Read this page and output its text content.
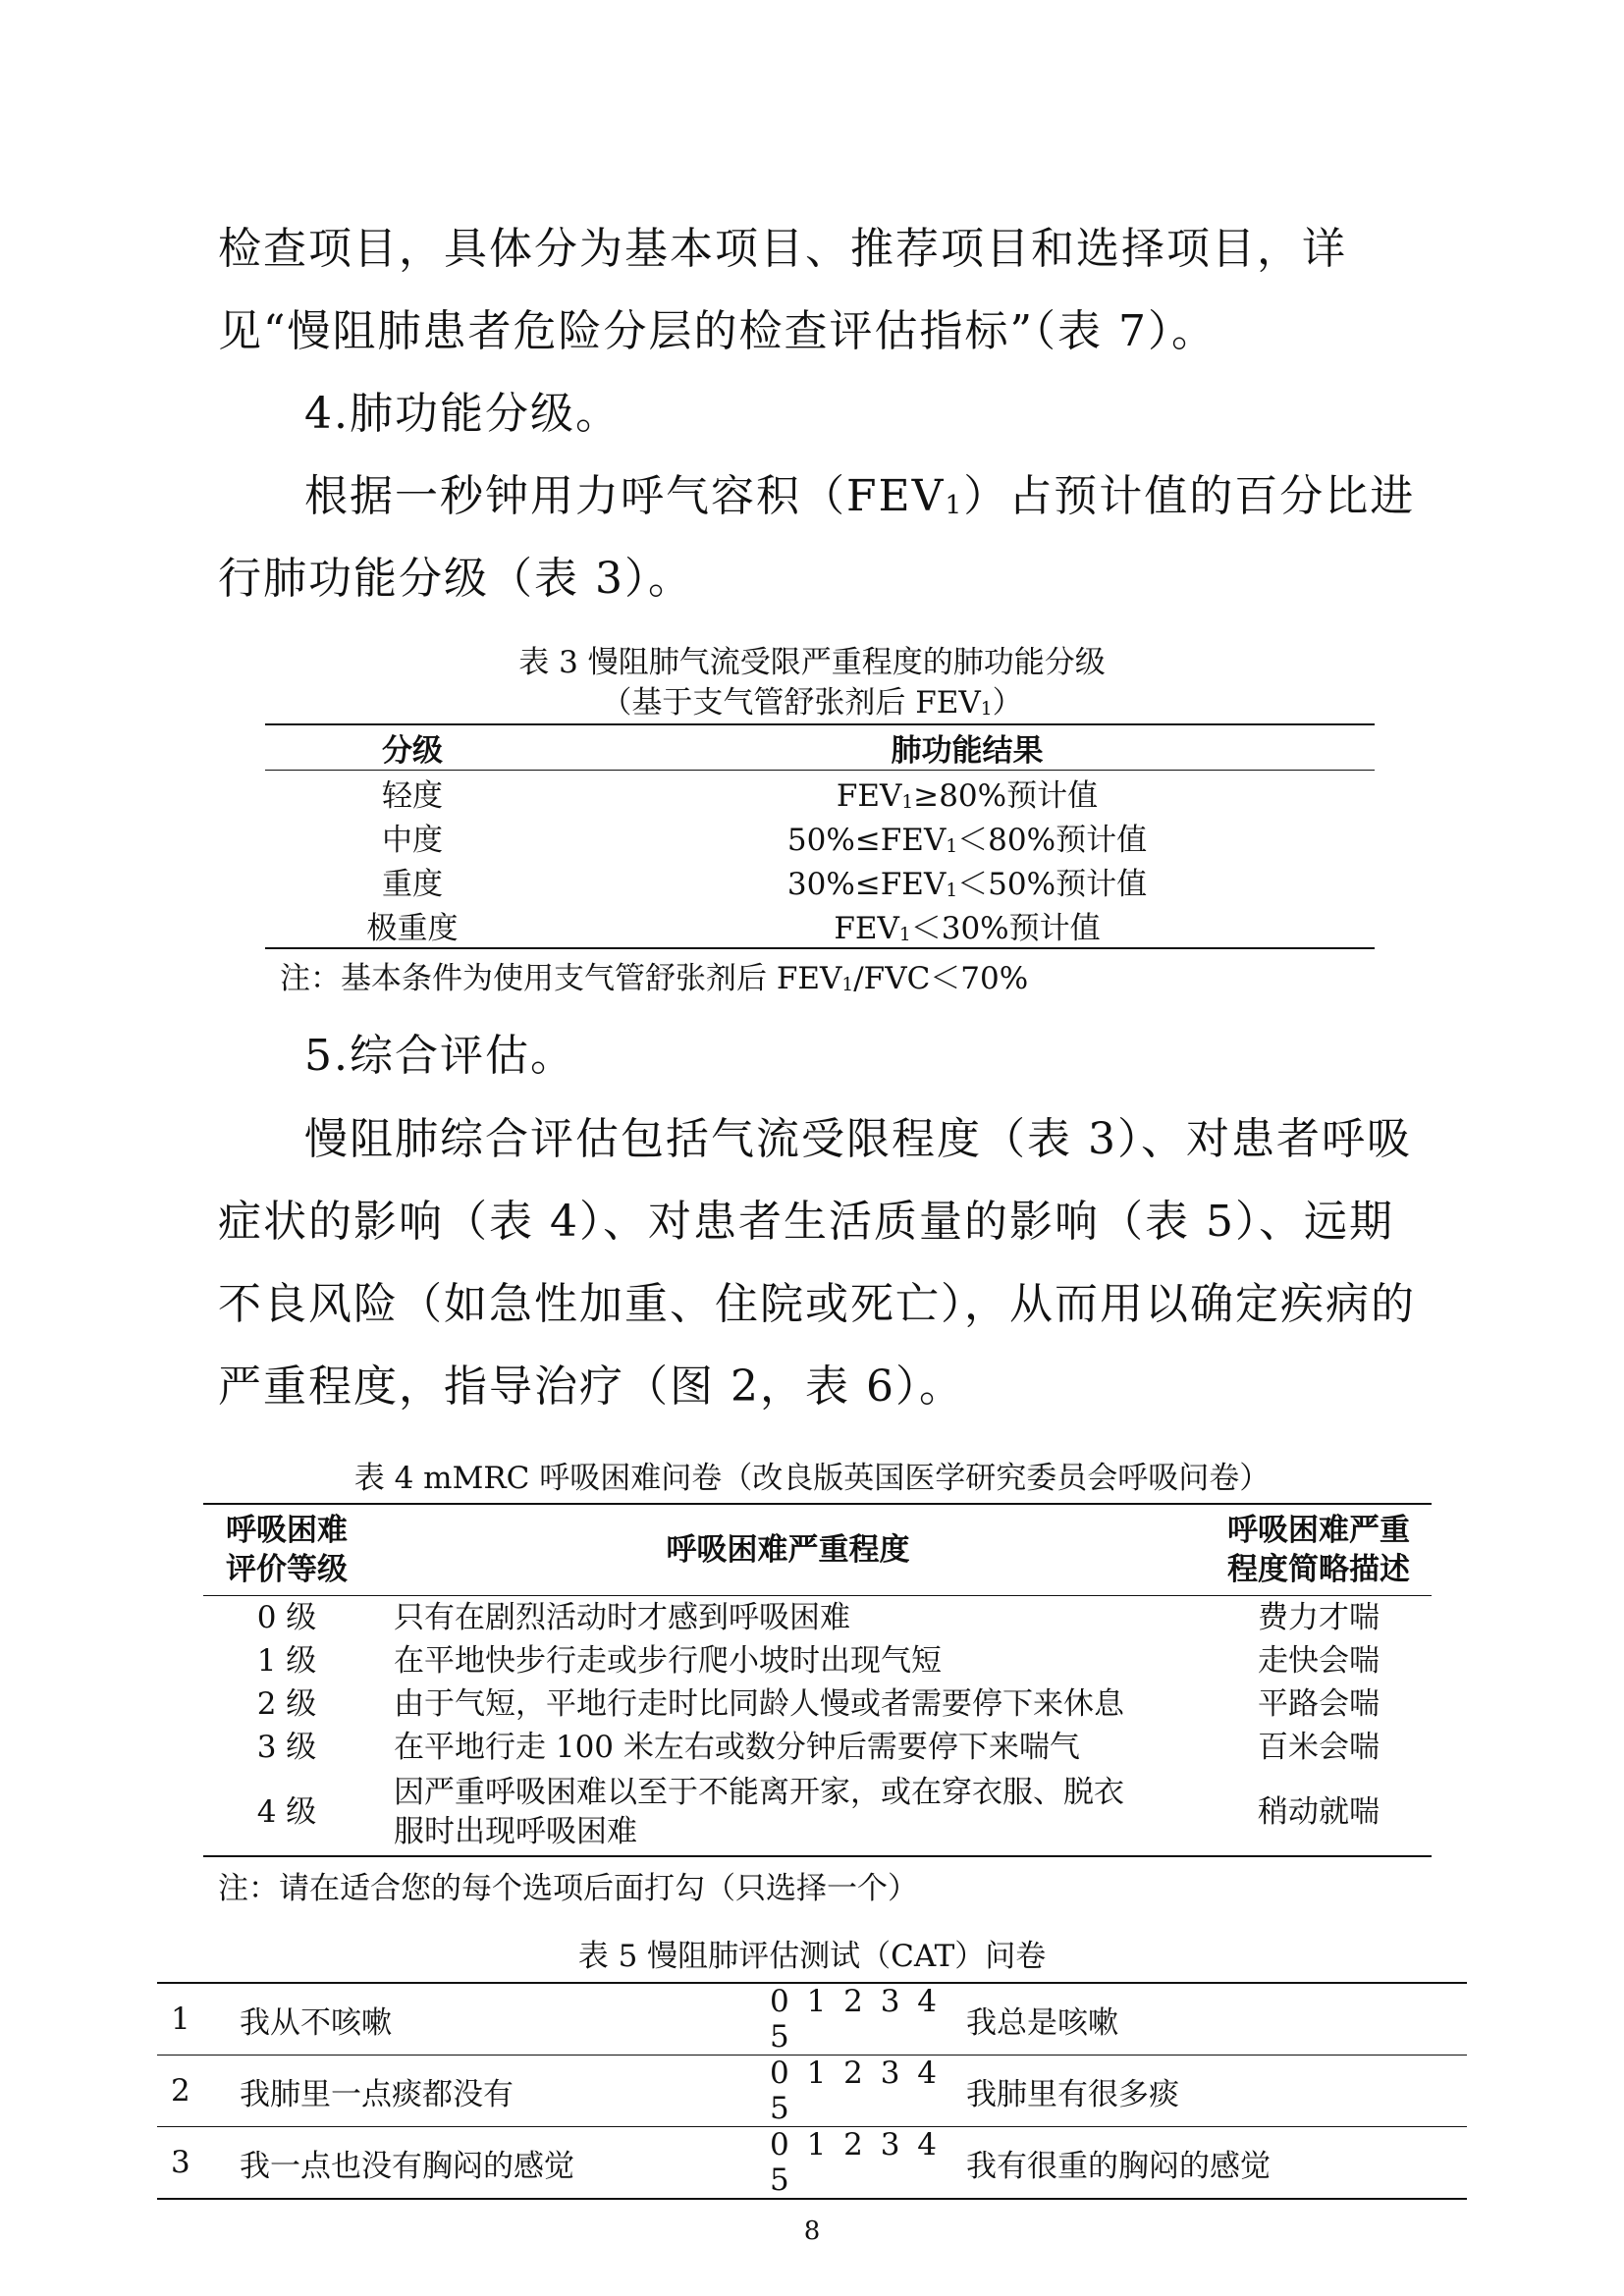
检查项目，具体分为基本项目、推荐项目和选择项目，详见“慢阻肺患者危险分层的检查评估指标”（表 7）。

4.肺功能分级。

根据一秒钟用力呼气容积（FEV1）占预计值的百分比进行肺功能分级（表 3）。

表 3 慢阻肺气流受限严重程度的肺功能分级

（基于支气管舒张剂后 FEV1）

分级	肺功能结果
轻度	FEV1≥80%预计值
中度	50%≤FEV1＜80%预计值
重度	30%≤FEV1＜50%预计值
极重度	FEV1＜30%预计值

注：基本条件为使用支气管舒张剂后 FEV1/FVC＜70%

5.综合评估。

慢阻肺综合评估包括气流受限程度（表 3）、对患者呼吸症状的影响（表 4）、对患者生活质量的影响（表 5）、远期不良风险（如急性加重、住院或死亡），从而用以确定疾病的严重程度，指导治疗（图 2，表 6）。

表 4 mMRC 呼吸困难问卷（改良版英国医学研究委员会呼吸问卷）

呼吸困难
评价等级	呼吸困难严重程度	呼吸困难严重
程度简略描述
0 级	只有在剧烈活动时才感到呼吸困难	费力才喘
1 级	在平地快步行走或步行爬小坡时出现气短	走快会喘
2 级	由于气短，平地行走时比同龄人慢或者需要停下来休息	平路会喘
3 级	在平地行走 100 米左右或数分钟后需要停下来喘气	百米会喘
4 级	因严重呼吸困难以至于不能离开家，或在穿衣服、脱衣
服时出现呼吸困难	稍动就喘

注：请在适合您的每个选项后面打勾（只选择一个）

表 5 慢阻肺评估测试（CAT）问卷

1	我从不咳嗽	0 1 2 3 4 5	我总是咳嗽
2	我肺里一点痰都没有	0 1 2 3 4 5	我肺里有很多痰
3	我一点也没有胸闷的感觉	0 1 2 3 4 5	我有很重的胸闷的感觉
8
